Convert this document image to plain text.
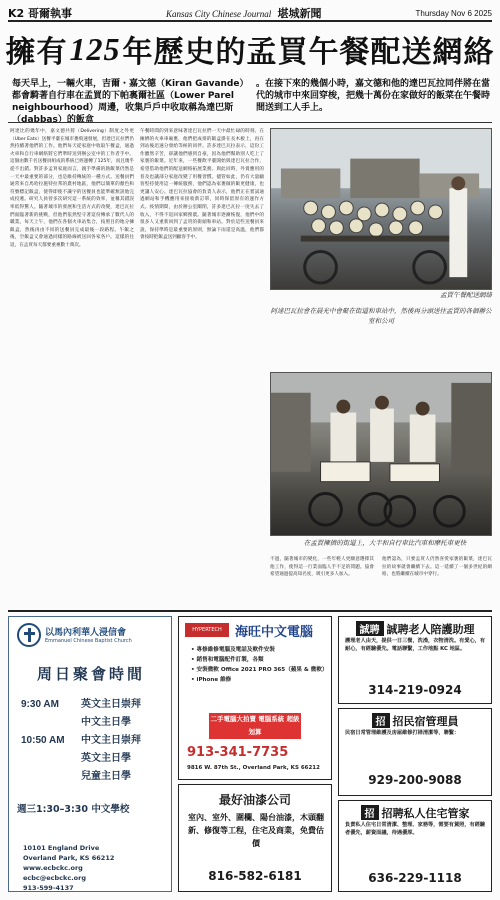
K2 哥爾執事	Kansas City Chinese Journal 堪城新聞	Thursday Nov 6 2025
擁有 125 年歷史的孟買午餐配送網絡

每天早上，一輛火車，吉爾・嘉文德（Kiran Gavande）都會騎著自行車在孟買的下帕裏爾社區（Lower Parel neighbourhood）周邊，收集戶戶中收取稱為達巴斯（dabbas）的飯盒

。在接下來的幾個小時，嘉文德和他的達巴瓦拉同伴將在當代的城市中來回穿梭，把幾十萬份在家做好的飯菜在午餐時間送到工人手上。

阿達比的幾年中，嘉文德共將（Delivering）制度之外更（Uber Eats）送餐平臺在城市裏飛速發展，但達巴瓦拉們仍然持續著他們的工作。他們每天從家庭中收取午餐盒，通過火車和自行車網絡將它們準時送到辦公室中的工作者手中。這個由數千名送餐員組成的系統已經運轉了125年，而且幾乎從不出錯。對許多孟買家庭而言，親手準備的熱飯菜仍然是一天中最重要的部分，也是維持傳統的一種方式。送餐員們通常來自馬哈拉施特拉邦的農村地區，他們以簡單的顏色和符號標記飯盒，使得即使不識字的送餐員也能準確無誤地完成投遞。研究人員曾多次研究這一系統的效率，並稱其錯誤率低得驚人。隨著城市的發展和生活方式的改變，達巴瓦拉們面臨著新的挑戰，但他們依然堅守著這份傳承了數代人的職業。每天上午，他們在各個火車站集合，按照目的地分揀飯盒，然後再由不同的送餐員完成最後一段路程。午飯之後，空飯盒又會通過同樣的路線被送回各家各戶。這樣的往返，在孟買每天都要重複數十萬次。

午餐時間的到來意味著達巴瓦拉們一天中最忙碌的時刻。在擁擠的火車車廂裏，他們把成排的飯盒掛在長木板上，再在到站後迅速分發給等候的同伴。許多達巴瓦拉表示，這份工作雖然辛苦，卻讓他們感到自豪，因為他們幫助別人吃上了家裏的飯菜。近年來，一些餐飲平臺開始與達巴瓦拉合作，希望借助他們的配送網絡拓展業務。與此同時，外賣應用的普及也讓部分家庭改變了用餐習慣。儘管如此，仍有大量顧客堅持使用這一傳統服務，他們認為家裏做的飯更健康，也更讓人安心。達巴瓦拉協會的負責人表示，他們正在嘗試通過網站和手機應用來接收新訂單，同時保留原有的運作方式。疫情期間，由於辦公室關閉，許多達巴瓦拉一度失去了收入，不得不返回家鄉務農。隨著城市逐漸恢復，他們中的很多人又重新回到了孟買的街頭和車站。對於這些送餐員來說，保持準時是最重要的原則，無論下雨還是高溫，他們都會按時把飯盒送到顧客手中。

孟買午餐配送網絡

阿達巴瓦拉會在晨光中會聚在街道和車站中，然後再分頭送往孟買的各個辦公室和公司

在孟買擁擠的街道上，大半和自行車比汽車和摩托車更快

不過，隨著城市的變化，一些年輕人更願意選擇其他工作，使得這一行業面臨人手不足的問題。協會希望通過提高知名度，吸引更多人加入。

他們認為，只要孟買人仍然喜愛家裏的飯菜，達巴瓦拉的故事就會繼續下去。這一延續了一個多世紀的網絡，也將繼續在城市中穿行。

以馬內利華人浸信會
Emmanuel Chinese Baptist Church
周日聚會時間
9:30 AM 英文主日崇拜
中文主日學
10:50 AM 中文主日崇拜
英文主日學
兒童主日學
週三1:30–3:30 中文學校
10101 England Drive
Overland Park, KS 66212
www.ecbckc.org
ecbc@ecbckc.org
913-599-4137
HYPERTECH	海旺中文電腦
• 專修維修電腦及電話及軟件安裝
• 銷售和電腦配件訂製，各類
• 安裝微軟 Office 2021 PRO 365（蘋果 & 微軟）
• iPhone 維修
二手電腦大拍賣 電腦系統 超級划算
913-341-7735
9816 W. 87th St., Overland Park, KS 66212
最好油漆公司
室內、室外、圍欄、陽台油漆，木頭翻新、修復等工程，住宅及商業，免費估價
816-582-6181
誠聘 誠聘老人陪護助理
護理老人由天，提供一日三餐，洗澡，衣物清洗。有愛心，有耐心，有經驗優先。電話聯繫，工作地點 KC 地區。
314-219-0924
招 招民宿管理員
民宿日常管理維護及房屋維修打掃清潔等，聯繫：
929-200-9088
招 招聘私人住宅管家
負責私人住宅日常清潔、整理、家務等，需要有駕照，有經驗者優先，薪資面議，待遇優厚。
636-229-1118
